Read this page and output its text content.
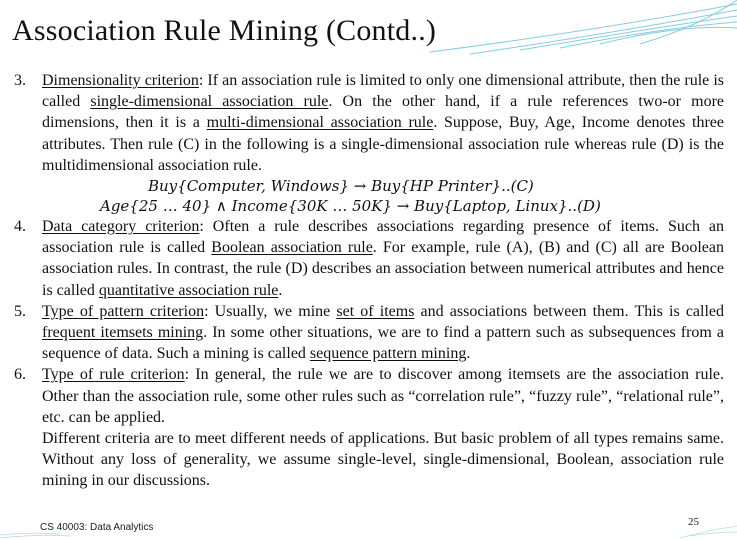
Association Rule Mining (Contd..)
3.	Dimensionality criterion: If an association rule is limited to only one dimensional attribute, then the rule is called single-dimensional association rule. On the other hand, if a rule references two-or more dimensions, then it is a multi-dimensional association rule. Suppose, Buy, Age, Income denotes three attributes. Then rule (C) in the following is a single-dimensional association rule whereas rule (D) is the multidimensional association rule.
Buy{Computer, Windows} → Buy{HP Printer}..(C)
Age{25 … 40} ∧ Income{30K … 50K} → Buy{Laptop, Linux}..(D)
4.	Data category criterion: Often a rule describes associations regarding presence of items. Such an association rule is called Boolean association rule. For example, rule (A), (B) and (C) all are Boolean association rules. In contrast, the rule (D) describes an association between numerical attributes and hence is called quantitative association rule.
5.	Type of pattern criterion: Usually, we mine set of items and associations between them. This is called frequent itemsets mining. In some other situations, we are to find a pattern such as subsequences from a sequence of data. Such a mining is called sequence pattern mining.
6.	Type of rule criterion: In general, the rule we are to discover among itemsets are the association rule. Other than the association rule, some other rules such as “correlation rule”, “fuzzy rule”, “relational rule”, etc. can be applied.
Different criteria are to meet different needs of applications. But basic problem of all types remains same. Without any loss of generality, we assume single-level, single-dimensional, Boolean, association rule mining in our discussions.
CS 40003: Data Analytics	25
